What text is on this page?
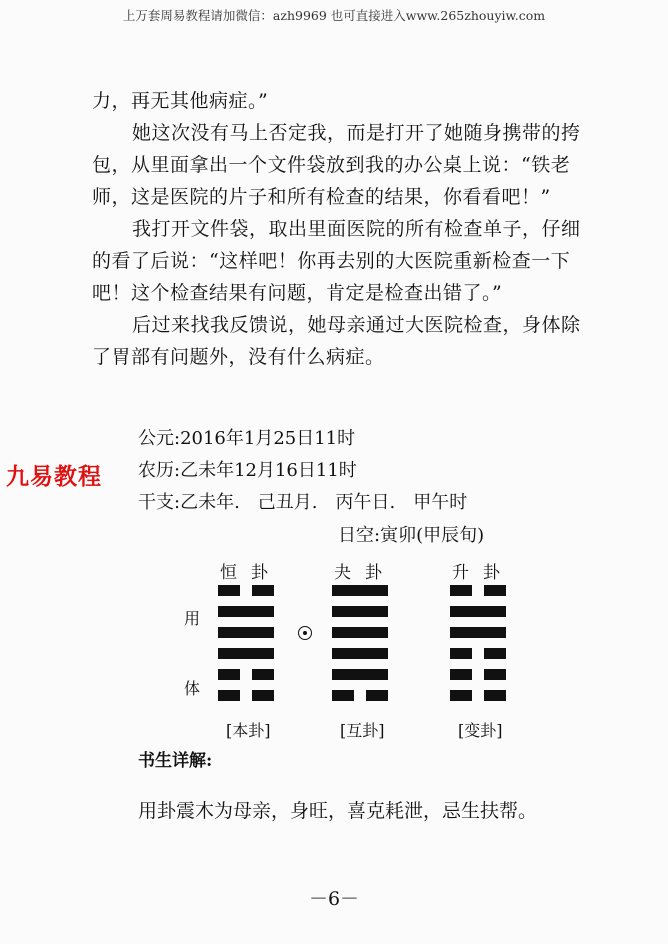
上万套周易教程请加微信：azh9969 也可直接进入www.265zhouyiw.com

力，再无其他病症。”

她这次没有马上否定我，而是打开了她随身携带的挎包，从里面拿出一个文件袋放到我的办公桌上说：“铁老师，这是医院的片子和所有检查的结果，你看看吧！”

我打开文件袋，取出里面医院的所有检查单子，仔细的看了后说：“这样吧！你再去别的大医院重新检查一下吧！这个检查结果有问题，肯定是检查出错了。”

后过来找我反馈说，她母亲通过大医院检查，身体除了胃部有问题外，没有什么病症。

公元:2016年1月25日11时
农历:乙未年12月16日11时
干支:乙未年.　己丑月.　丙午日.　甲午时
日空:寅卯(甲辰旬)
九易教程
恒卦	夬卦	升卦
用
体
[本卦]	[互卦]	[变卦]
书生详解:
用卦震木为母亲，身旺，喜克耗泄，忌生扶帮。
－6－
